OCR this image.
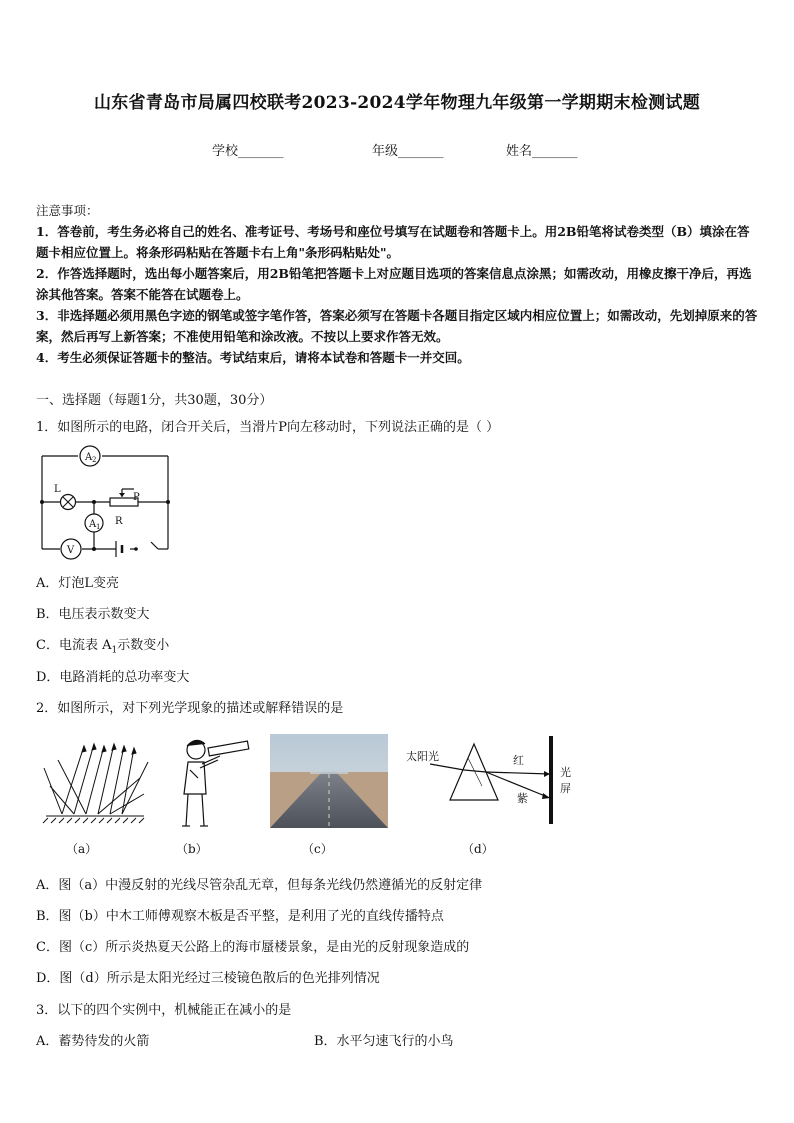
山东省青岛市局属四校联考2023-2024学年物理九年级第一学期期末检测试题
学校_______	年级_______	姓名_______
注意事项：

1．答卷前，考生务必将自己的姓名、准考证号、考场号和座位号填写在试题卷和答题卡上。用2B铅笔将试卷类型（B）填涂在答题卡相应位置上。将条形码粘贴在答题卡右上角"条形码粘贴处"。

2．作答选择题时，选出每小题答案后，用2B铅笔把答题卡上对应题目选项的答案信息点涂黑；如需改动，用橡皮擦干净后，再选涂其他答案。答案不能答在试题卷上。

3．非选择题必须用黑色字迹的钢笔或签字笔作答，答案必须写在答题卡各题目指定区域内相应位置上；如需改动，先划掉原来的答案，然后再写上新答案；不准使用铅笔和涂改液。不按以上要求作答无效。

4．考生必须保证答题卡的整洁。考试结束后，请将本试卷和答题卡一并交回。

一、选择题（每题1分，共30题，30分）
1．如图所示的电路，闭合开关后，当滑片P向左移动时，下列说法正确的是（ ）
A 2
A 1
V
L
P
R
A．灯泡L变亮
B．电压表示数变大
C．电流表 $A_1$示数变小
D．电路消耗的总功率变大
2．如图所示，对下列光学现象的描述或解释错误的是
太阳光	红
紫
光
屏
（a）	（b）	（c）	（d）
A．图（a）中漫反射的光线尽管杂乱无章，但每条光线仍然遵循光的反射定律
B．图（b）中木工师傅观察木板是否平整，是利用了光的直线传播特点
C．图（c）所示炎热夏天公路上的海市蜃楼景象，是由光的反射现象造成的
D．图（d）所示是太阳光经过三棱镜色散后的色光排列情况
3．以下的四个实例中，机械能正在减小的是
A．蓄势待发的火箭	B．水平匀速飞行的小鸟
